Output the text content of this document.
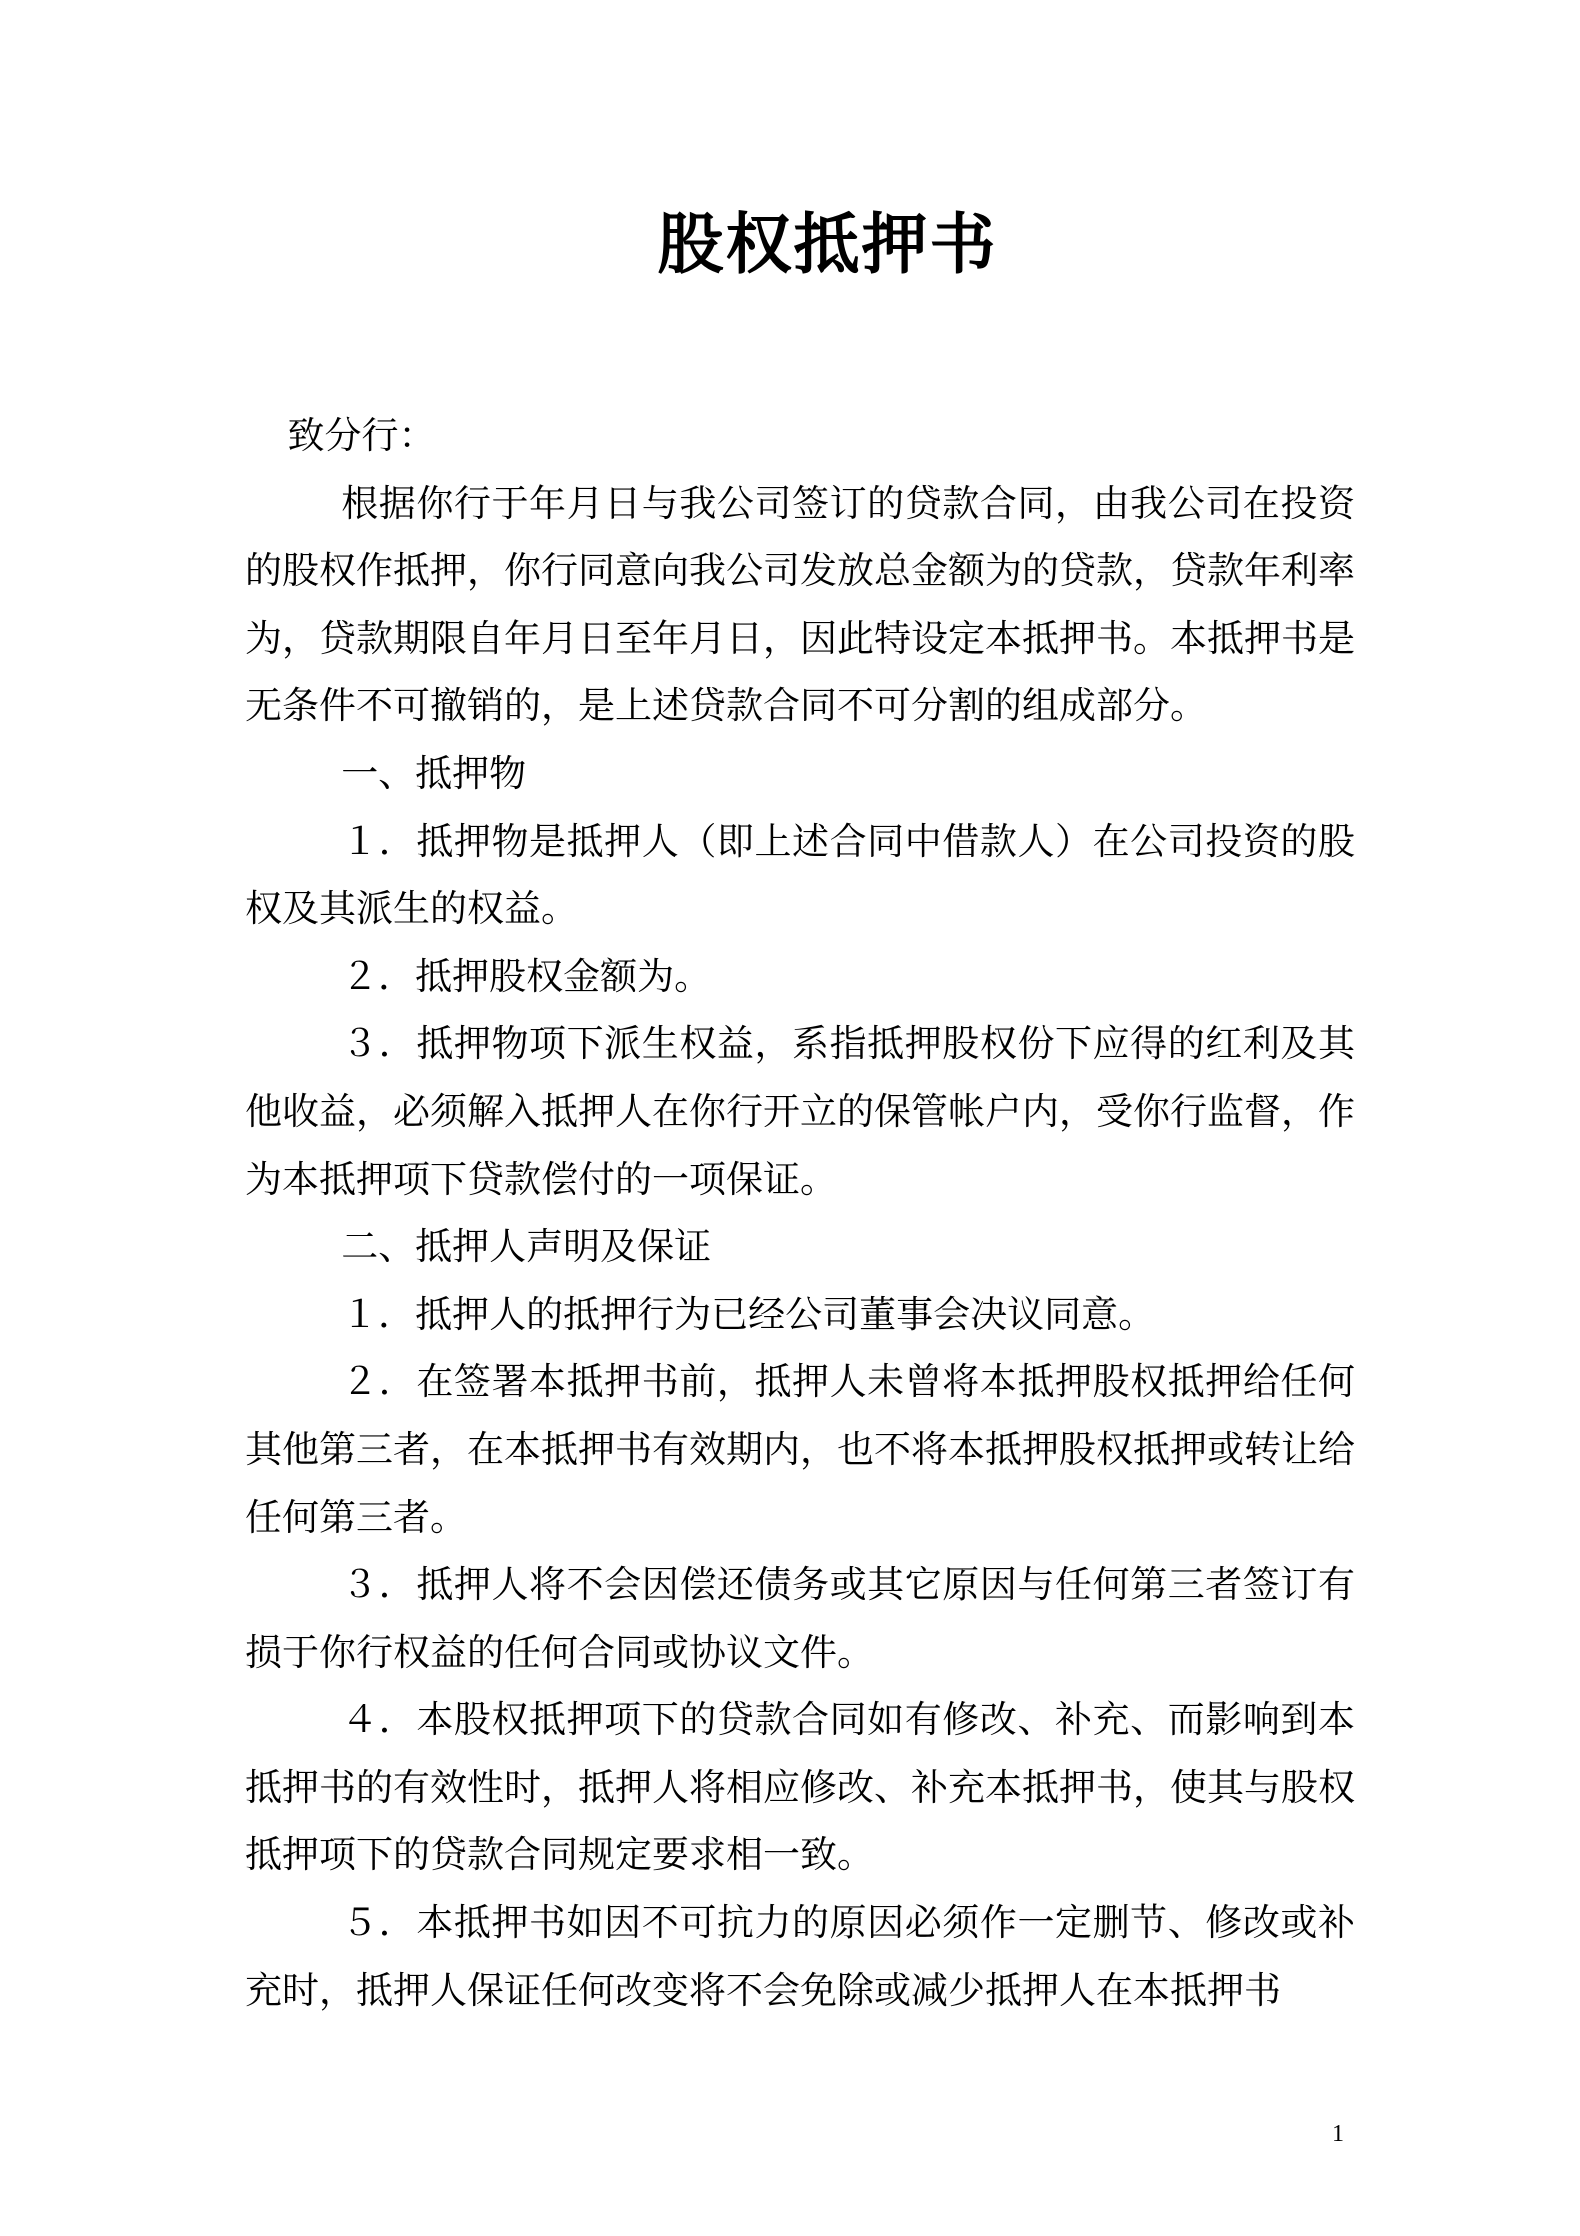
股权抵押书

致分行：

根据你行于年月日与我公司签订的贷款合同，由我公司在投资的股权作抵押，你行同意向我公司发放总金额为的贷款，贷款年利率为，贷款期限自年月日至年月日，因此特设定本抵押书。本抵押书是无条件不可撤销的，是上述贷款合同不可分割的组成部分。

一、抵押物

１．抵押物是抵押人（即上述合同中借款人）在公司投资的股权及其派生的权益。

２．抵押股权金额为。

３．抵押物项下派生权益，系指抵押股权份下应得的红利及其他收益，必须解入抵押人在你行开立的保管帐户内，受你行监督，作为本抵押项下贷款偿付的一项保证。

二、抵押人声明及保证

１．抵押人的抵押行为已经公司董事会决议同意。

２．在签署本抵押书前，抵押人未曾将本抵押股权抵押给任何其他第三者，在本抵押书有效期内，也不将本抵押股权抵押或转让给任何第三者。

３．抵押人将不会因偿还债务或其它原因与任何第三者签订有损于你行权益的任何合同或协议文件。

４．本股权抵押项下的贷款合同如有修改、补充、而影响到本抵押书的有效性时，抵押人将相应修改、补充本抵押书，使其与股权抵押项下的贷款合同规定要求相一致。

５．本抵押书如因不可抗力的原因必须作一定删节、修改或补充时，抵押人保证任何改变将不会免除或减少抵押人在本抵押书

1
